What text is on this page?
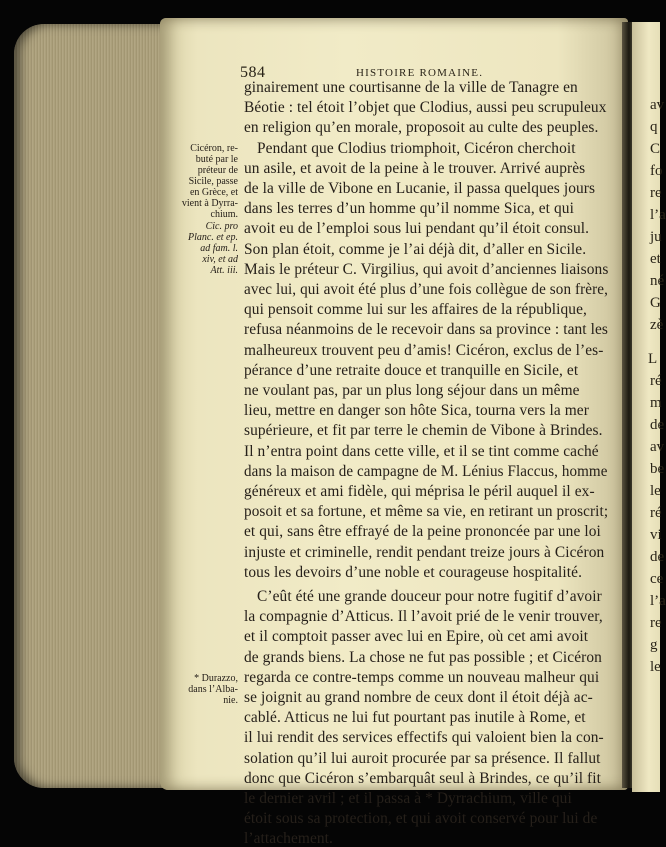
av
q
C
fo
re
l’a
ju
et
né
G
zè
L
ré
m
de
av
be
le
ré
vi
de
ce
l’a
re
g
le
584	HISTOIRE ROMAINE.
ginairement une courtisanne de la ville de Tanagre en
Béotie : tel étoit l’objet que Clodius, aussi peu scrupuleux
en religion qu’en morale, proposoit au culte des peuples.
Pendant que Clodius triomphoit, Cicéron cherchoit
un asile, et avoit de la peine à le trouver. Arrivé auprès
de la ville de Vibone en Lucanie, il passa quelques jours
dans les terres d’un homme qu’il nomme Sica, et qui
avoit eu de l’emploi sous lui pendant qu’il étoit consul.
Son plan étoit, comme je l’ai déjà dit, d’aller en Sicile.
Mais le préteur C. Virgilius, qui avoit d’anciennes liaisons
avec lui, qui avoit été plus d’une fois collègue de son frère,
qui pensoit comme lui sur les affaires de la république,
refusa néanmoins de le recevoir dans sa province : tant les
malheureux trouvent peu d’amis! Cicéron, exclus de l’es-
pérance d’une retraite douce et tranquille en Sicile, et
ne voulant pas, par un plus long séjour dans un même
lieu, mettre en danger son hôte Sica, tourna vers la mer
supérieure, et fit par terre le chemin de Vibone à Brindes.
Il n’entra point dans cette ville, et il se tint comme caché
dans la maison de campagne de M. Lénius Flaccus, homme
généreux et ami fidèle, qui méprisa le péril auquel il ex-
posoit et sa fortune, et même sa vie, en retirant un proscrit;
et qui, sans être effrayé de la peine prononcée par une loi
injuste et criminelle, rendit pendant treize jours à Cicéron
tous les devoirs d’une noble et courageuse hospitalité.
C’eût été une grande douceur pour notre fugitif d’avoir
la compagnie d’Atticus. Il l’avoit prié de le venir trouver,
et il comptoit passer avec lui en Epire, où cet ami avoit
de grands biens. La chose ne fut pas possible ; et Cicéron
regarda ce contre-temps comme un nouveau malheur qui
se joignit au grand nombre de ceux dont il étoit déjà ac-
cablé. Atticus ne lui fut pourtant pas inutile à Rome, et
il lui rendit des services effectifs qui valoient bien la con-
solation qu’il lui auroit procurée par sa présence. Il fallut
donc que Cicéron s’embarquât seul à Brindes, ce qu’il fit
le dernier avril ; et il passa à * Dyrrachium, ville qui
étoit sous sa protection, et qui avoit conservé pour lui de
l’attachement.
Cicéron, re-
buté par le
préteur de
Sicile, passe
en Grèce, et
vient à Dyrra-
chium.
Cic. pro
Planc. et ep.
ad fam. l.
xiv, et ad
Att. iii.
* Durazzo,
dans l’Alba-
nie.
